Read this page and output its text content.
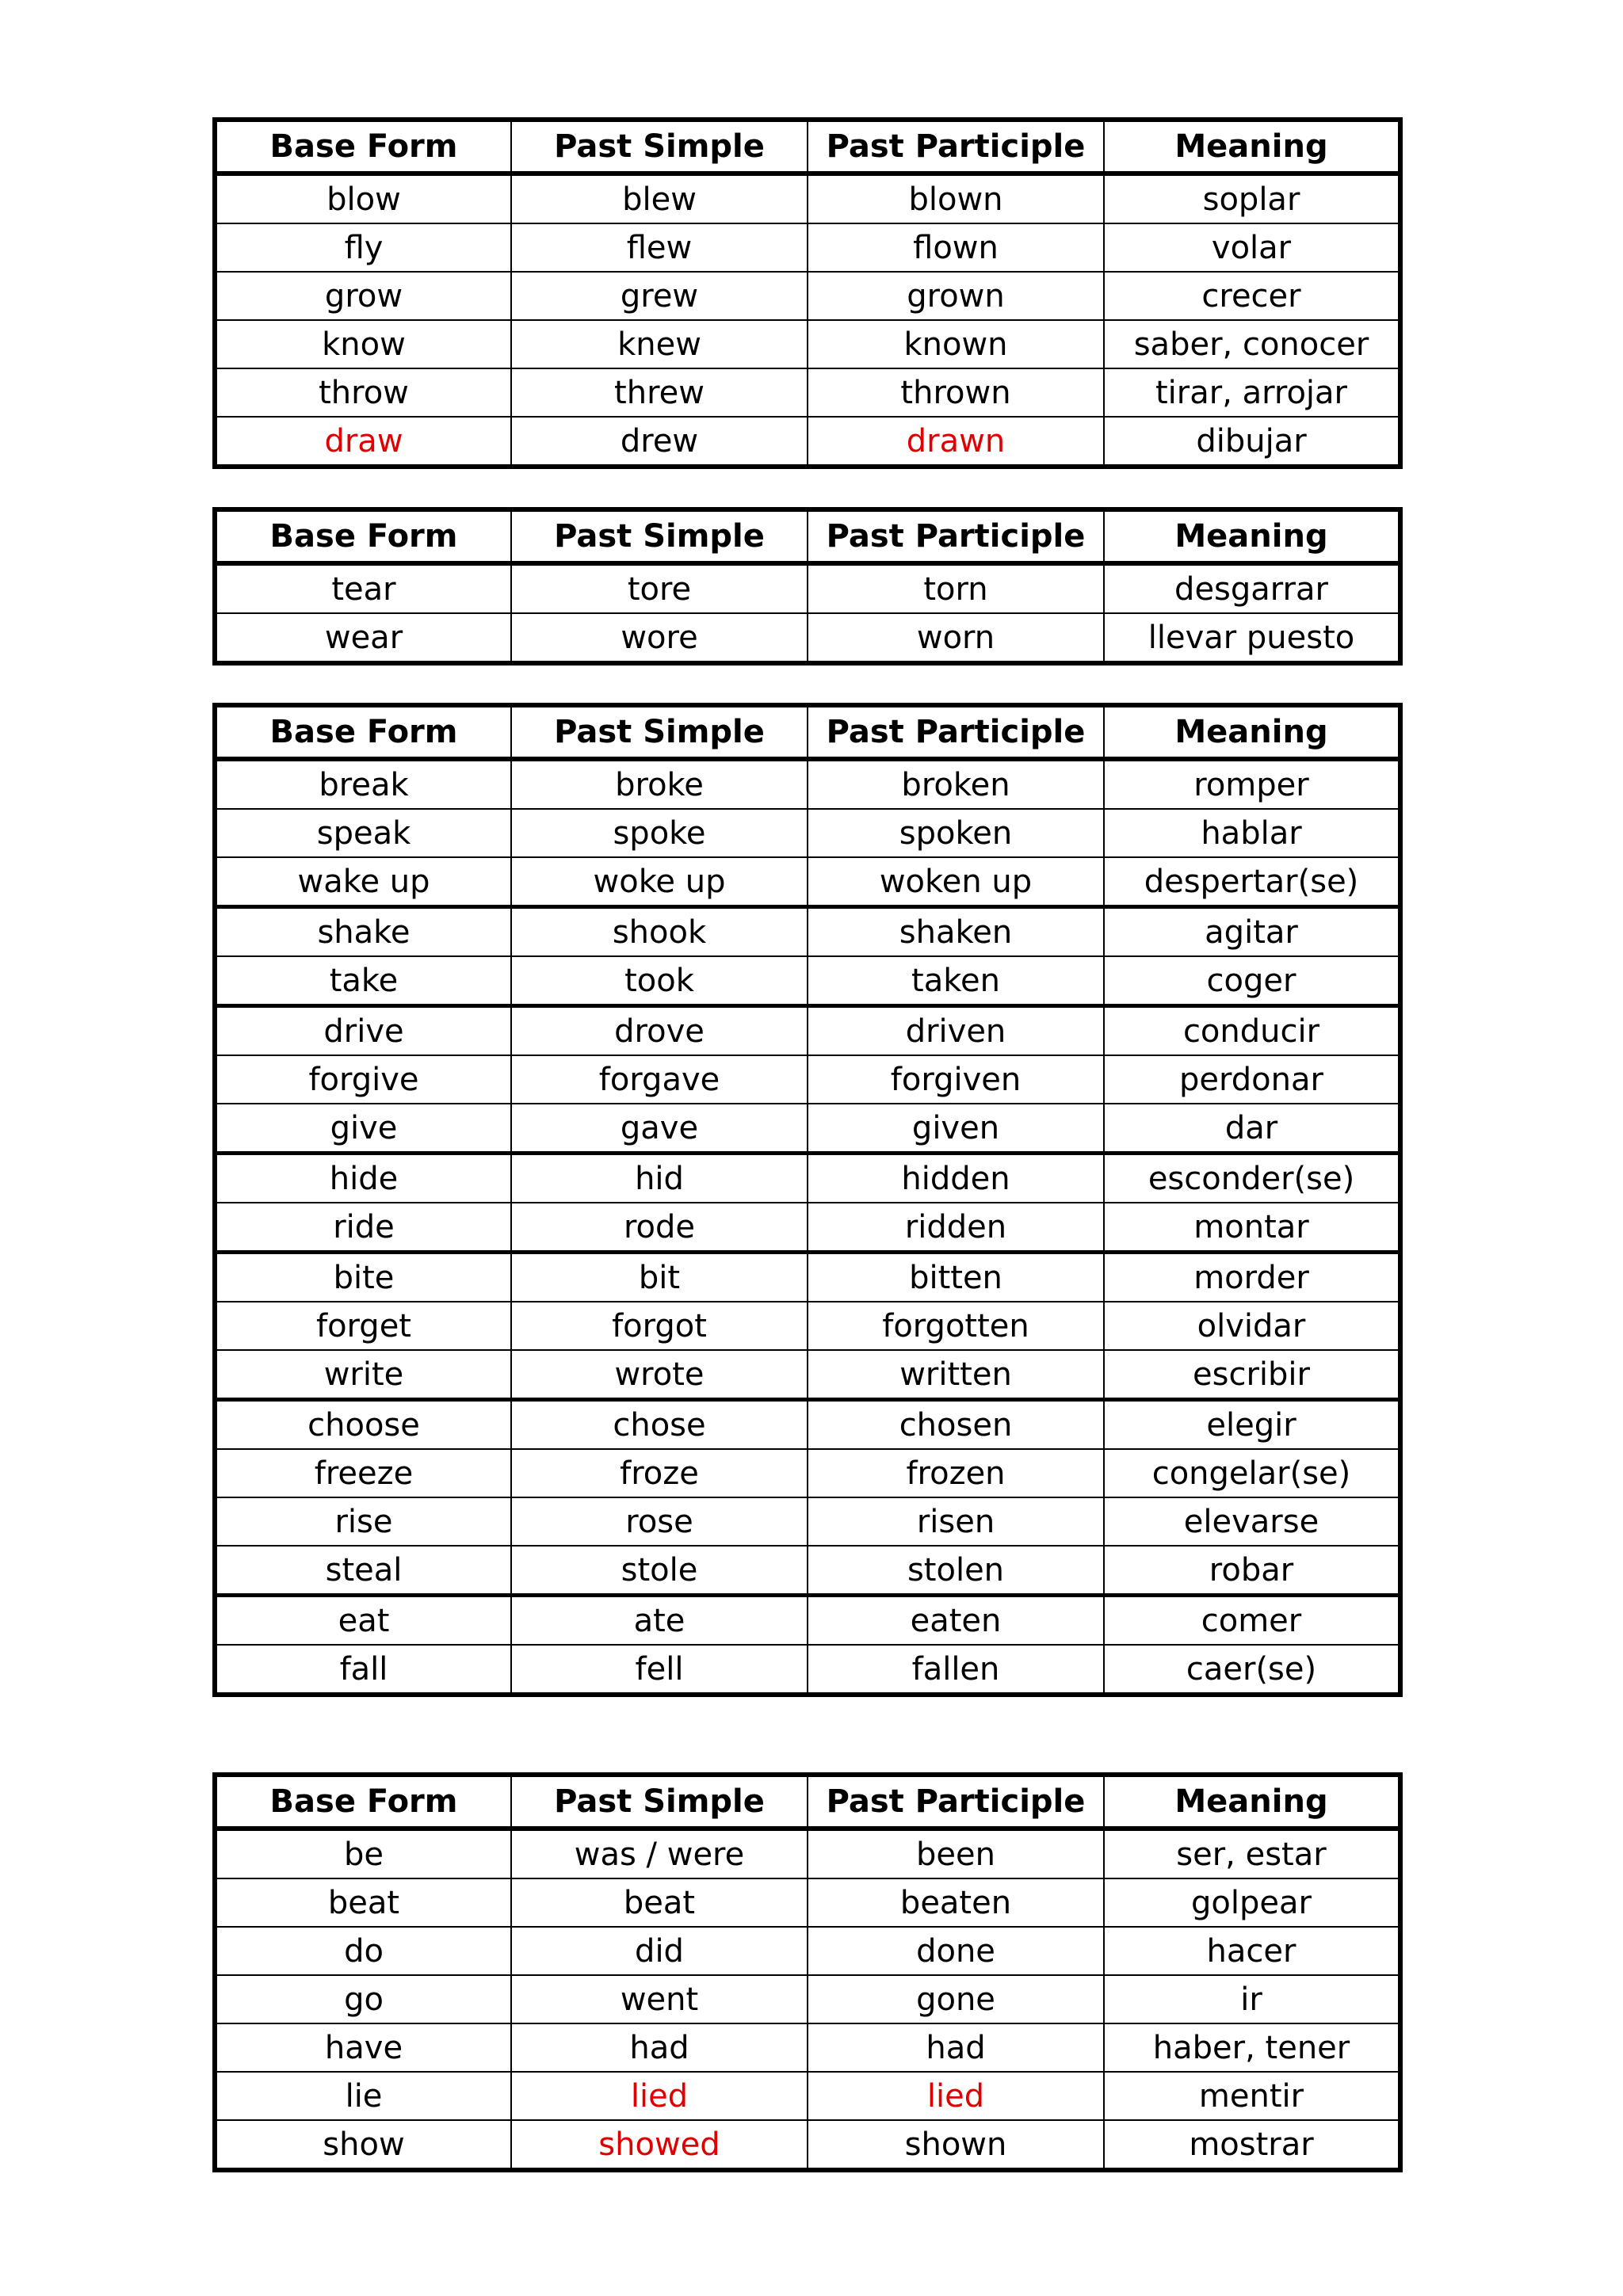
Base Form	Past Simple	Past Participle	Meaning
blow	blew	blown	soplar
fly	flew	flown	volar
grow	grew	grown	crecer
know	knew	known	saber, conocer
throw	threw	thrown	tirar, arrojar
draw	drew	drawn	dibujar
Base Form	Past Simple	Past Participle	Meaning
tear	tore	torn	desgarrar
wear	wore	worn	llevar puesto
Base Form	Past Simple	Past Participle	Meaning
break	broke	broken	romper
speak	spoke	spoken	hablar
wake up	woke up	woken up	despertar(se)
shake	shook	shaken	agitar
take	took	taken	coger
drive	drove	driven	conducir
forgive	forgave	forgiven	perdonar
give	gave	given	dar
hide	hid	hidden	esconder(se)
ride	rode	ridden	montar
bite	bit	bitten	morder
forget	forgot	forgotten	olvidar
write	wrote	written	escribir
choose	chose	chosen	elegir
freeze	froze	frozen	congelar(se)
rise	rose	risen	elevarse
steal	stole	stolen	robar
eat	ate	eaten	comer
fall	fell	fallen	caer(se)
Base Form	Past Simple	Past Participle	Meaning
be	was / were	been	ser, estar
beat	beat	beaten	golpear
do	did	done	hacer
go	went	gone	ir
have	had	had	haber, tener
lie	lied	lied	mentir
show	showed	shown	mostrar
